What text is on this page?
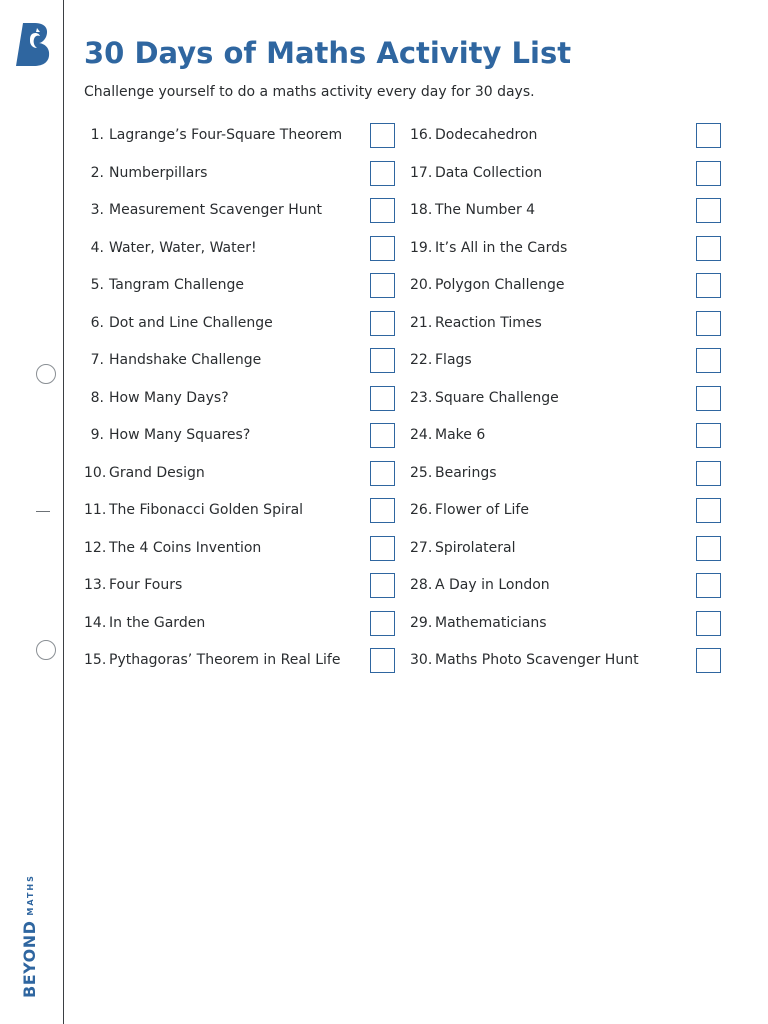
BEYONDMATHS
30 Days of Maths Activity List

Challenge yourself to do a maths activity every day for 30 days.

1. Lagrange’s Four-Square Theorem
2. Numberpillars
3. Measurement Scavenger Hunt
4. Water, Water, Water!
5. Tangram Challenge
6. Dot and Line Challenge
7. Handshake Challenge
8. How Many Days?
9. How Many Squares?
10. Grand Design
11. The Fibonacci Golden Spiral
12. The 4 Coins Invention
13. Four Fours
14. In the Garden
15. Pythagoras’ Theorem in Real Life
16. Dodecahedron
17. Data Collection
18. The Number 4
19. It’s All in the Cards
20. Polygon Challenge
21. Reaction Times
22. Flags
23. Square Challenge
24. Make 6
25. Bearings
26. Flower of Life
27. Spirolateral
28. A Day in London
29. Mathematicians
30. Maths Photo Scavenger Hunt
